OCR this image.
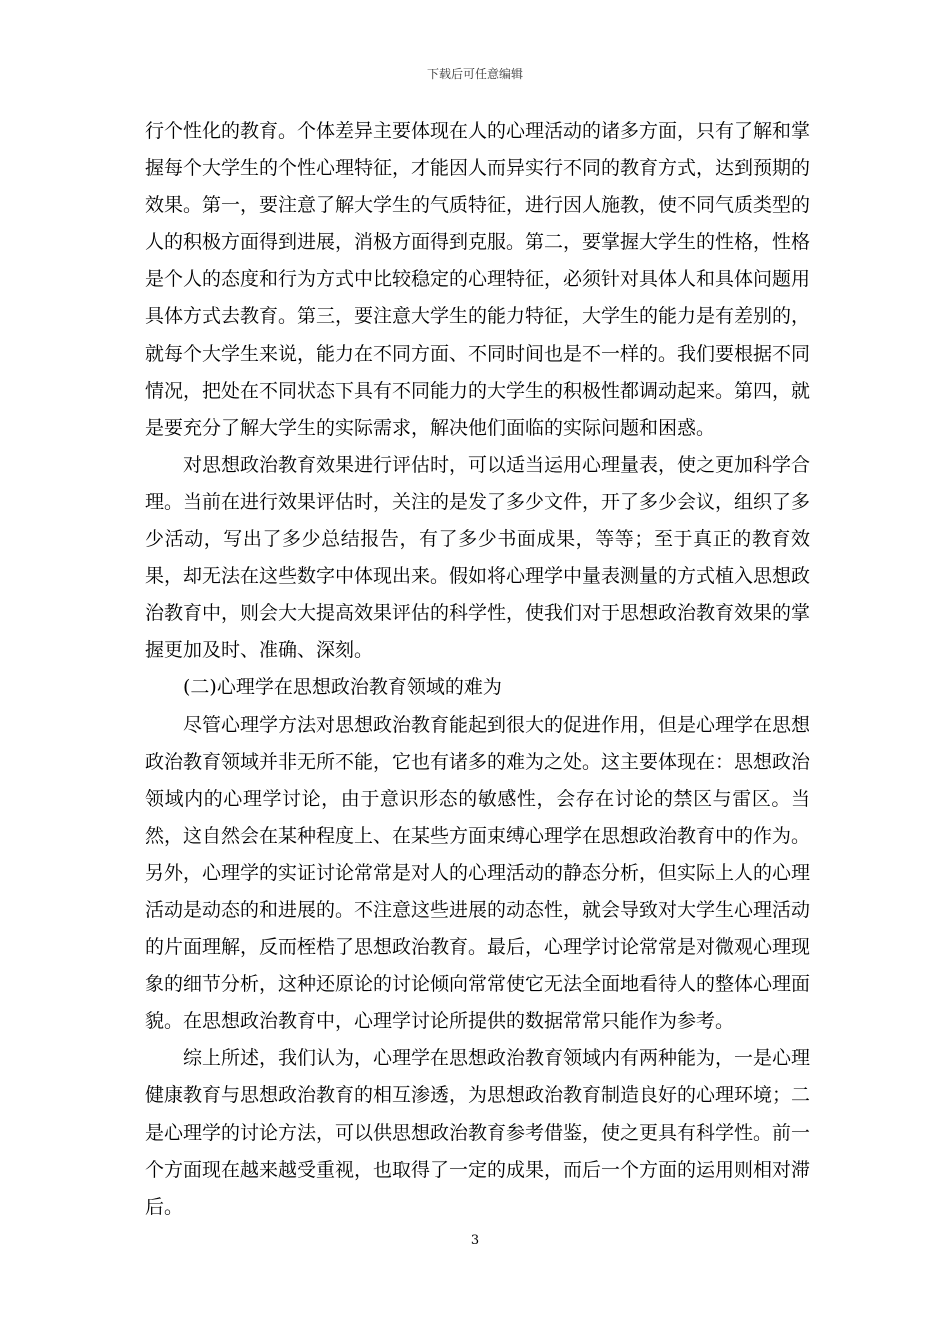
下载后可任意编辑

行个性化的教育。个体差异主要体现在人的心理活动的诸多方面，只有了解和掌握每个大学生的个性心理特征，才能因人而异实行不同的教育方式，达到预期的效果。第一，要注意了解大学生的气质特征，进行因人施教，使不同气质类型的人的积极方面得到进展，消极方面得到克服。第二，要掌握大学生的性格，性格是个人的态度和行为方式中比较稳定的心理特征，必须针对具体人和具体问题用具体方式去教育。第三，要注意大学生的能力特征，大学生的能力是有差别的，就每个大学生来说，能力在不同方面、不同时间也是不一样的。我们要根据不同情况，把处在不同状态下具有不同能力的大学生的积极性都调动起来。第四，就是要充分了解大学生的实际需求，解决他们面临的实际问题和困惑。

对思想政治教育效果进行评估时，可以适当运用心理量表，使之更加科学合理。当前在进行效果评估时，关注的是发了多少文件，开了多少会议，组织了多少活动，写出了多少总结报告，有了多少书面成果，等等；至于真正的教育效果，却无法在这些数字中体现出来。假如将心理学中量表测量的方式植入思想政治教育中，则会大大提高效果评估的科学性，使我们对于思想政治教育效果的掌握更加及时、准确、深刻。

(二)心理学在思想政治教育领域的难为

尽管心理学方法对思想政治教育能起到很大的促进作用，但是心理学在思想政治教育领域并非无所不能，它也有诸多的难为之处。这主要体现在：思想政治领域内的心理学讨论，由于意识形态的敏感性，会存在讨论的禁区与雷区。当然，这自然会在某种程度上、在某些方面束缚心理学在思想政治教育中的作为。另外，心理学的实证讨论常常是对人的心理活动的静态分析，但实际上人的心理活动是动态的和进展的。不注意这些进展的动态性，就会导致对大学生心理活动的片面理解，反而桎梏了思想政治教育。最后，心理学讨论常常是对微观心理现象的细节分析，这种还原论的讨论倾向常常使它无法全面地看待人的整体心理面貌。在思想政治教育中，心理学讨论所提供的数据常常只能作为参考。

综上所述，我们认为，心理学在思想政治教育领域内有两种能为，一是心理健康教育与思想政治教育的相互渗透，为思想政治教育制造良好的心理环境；二是心理学的讨论方法，可以供思想政治教育参考借鉴，使之更具有科学性。前一个方面现在越来越受重视，也取得了一定的成果，而后一个方面的运用则相对滞后。

3
